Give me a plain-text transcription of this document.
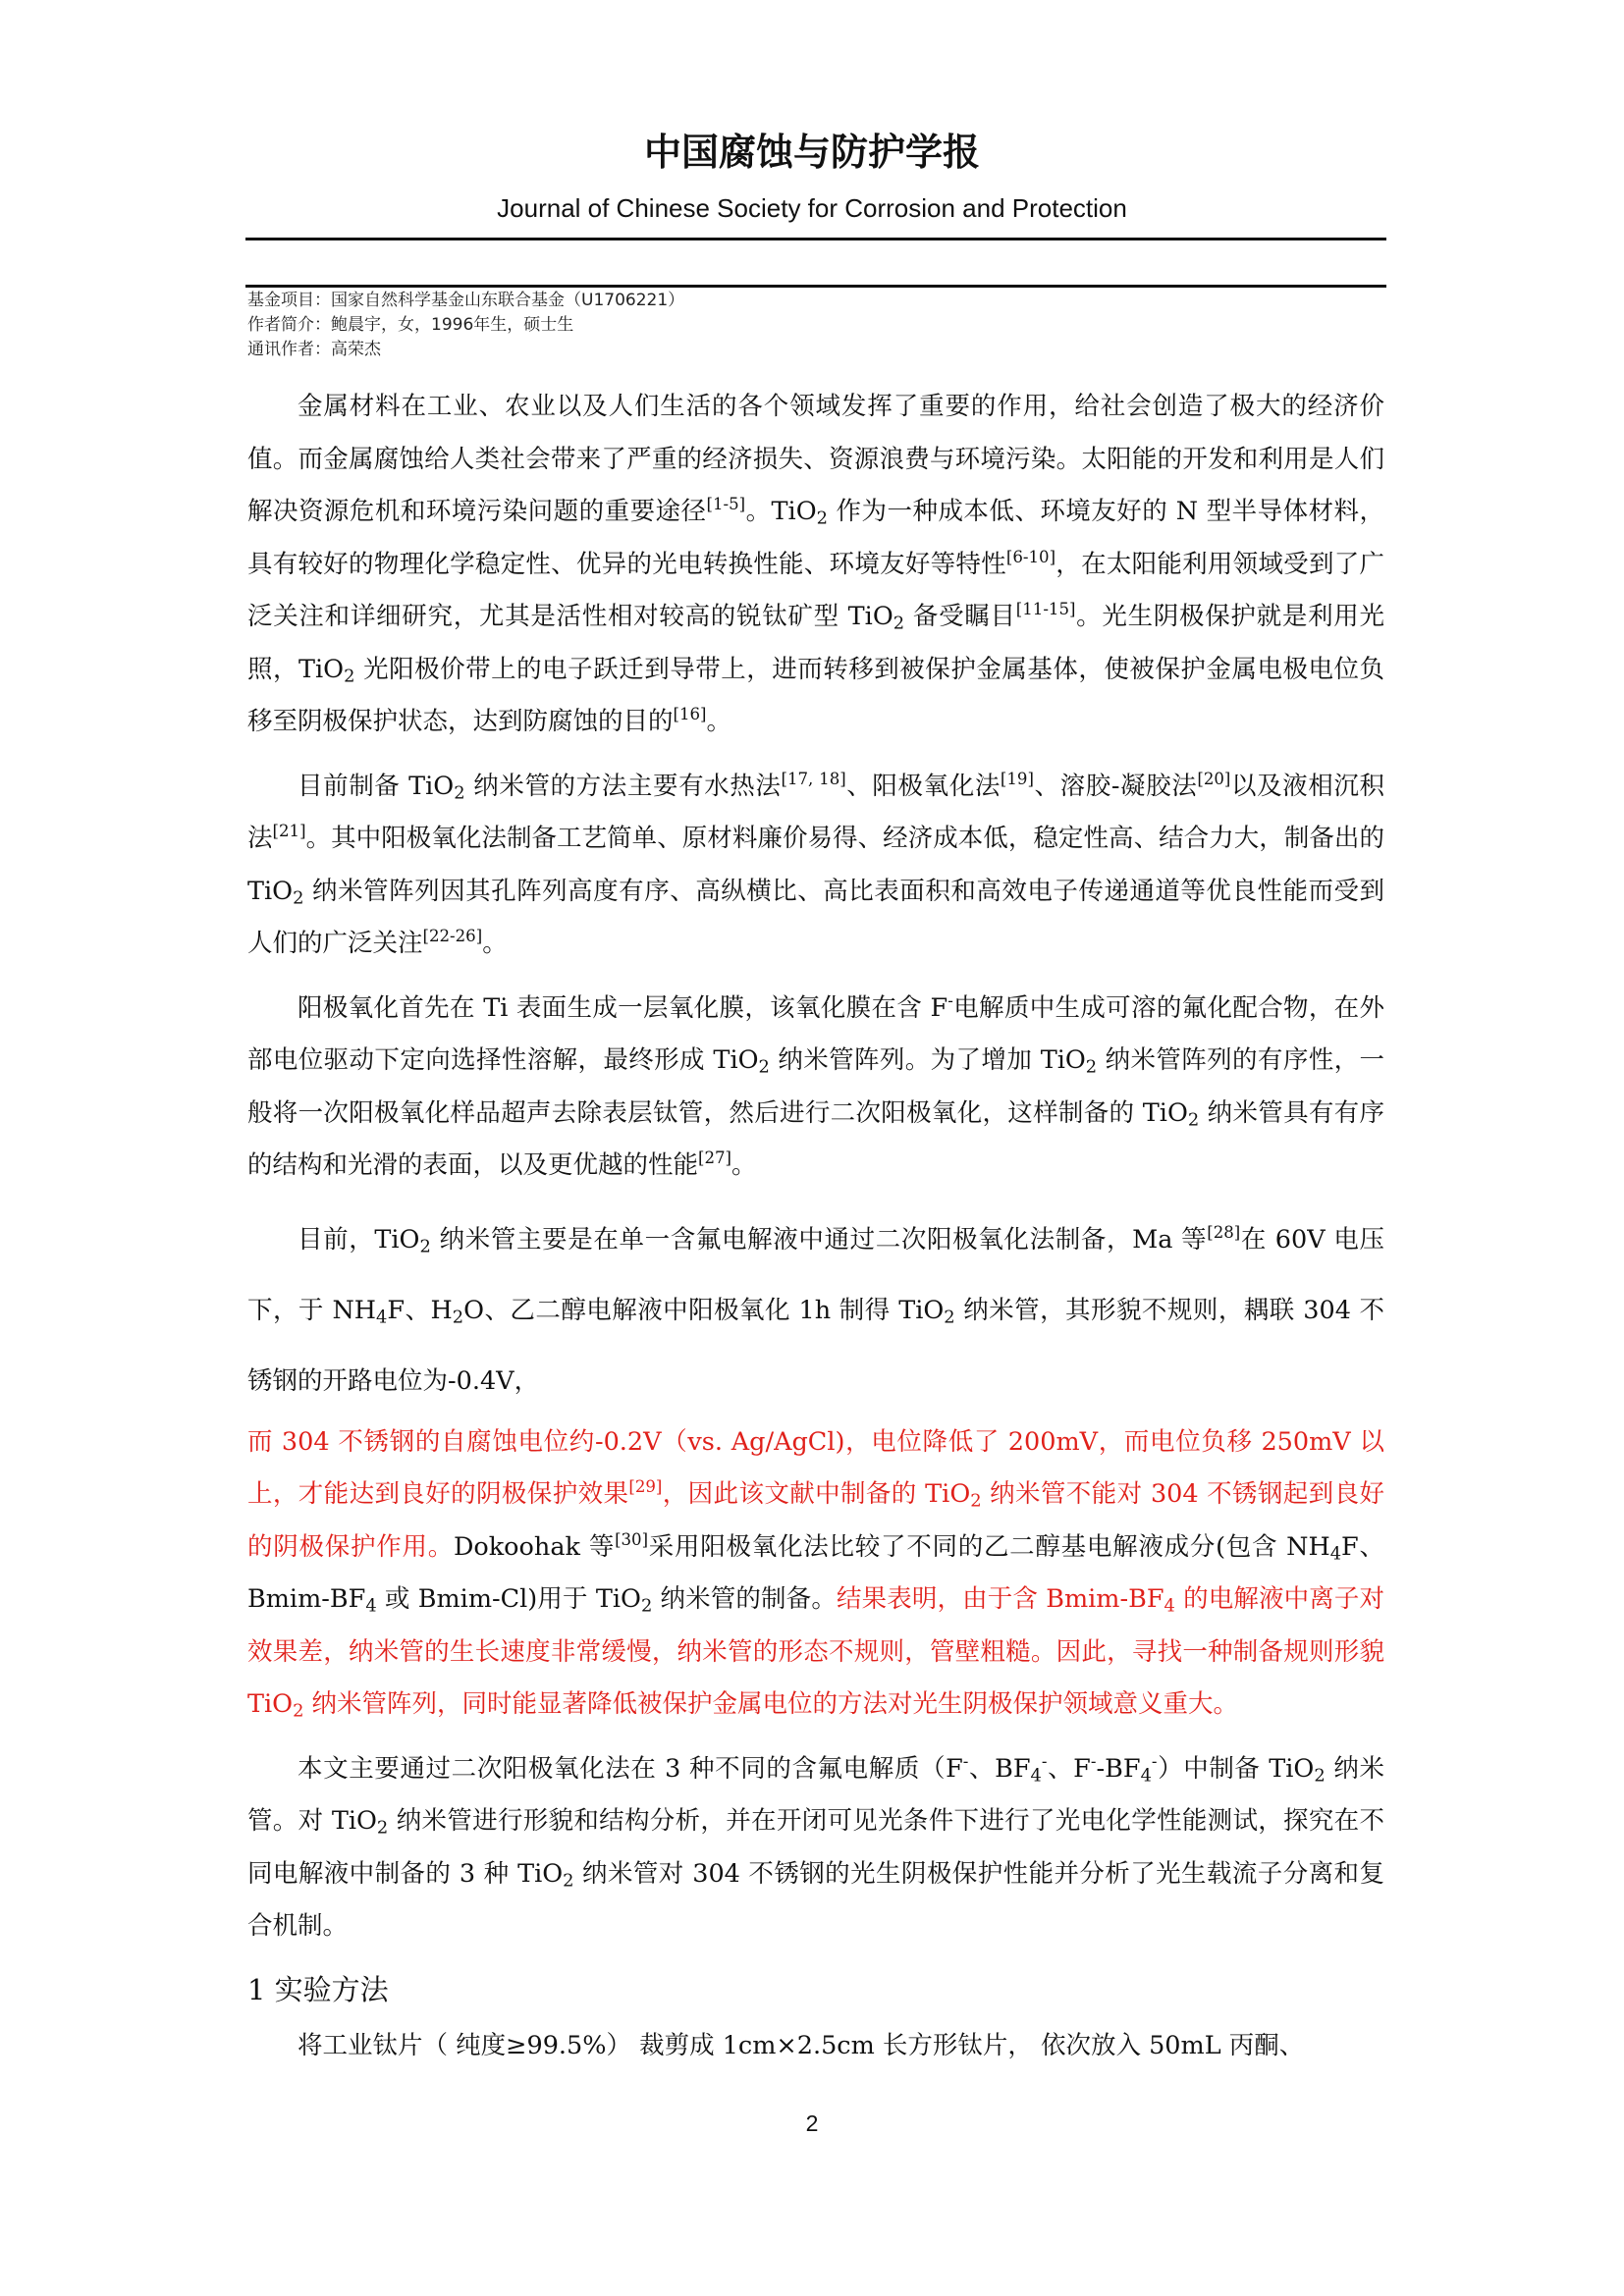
中国腐蚀与防护学报
Journal of Chinese Society for Corrosion and Protection
基金项目：国家自然科学基金山东联合基金（U1706221）
作者简介：鲍晨宇，女，1996年生，硕士生
通讯作者：高荣杰

金属材料在工业、农业以及人们生活的各个领域发挥了重要的作用，给社会创造了极大的经济价值。而金属腐蚀给人类社会带来了严重的经济损失、资源浪费与环境污染。太阳能的开发和利用是人们解决资源危机和环境污染问题的重要途径[1-5]。TiO$_2$ 作为一种成本低、环境友好的 N 型半导体材料，具有较好的物理化学稳定性、优异的光电转换性能、环境友好等特性[6-10]，在太阳能利用领域受到了广泛关注和详细研究，尤其是活性相对较高的锐钛矿型 TiO$_2$ 备受瞩目[11-15]。光生阴极保护就是利用光照，TiO$_2$ 光阳极价带上的电子跃迁到导带上，进而转移到被保护金属基体，使被保护金属电极电位负移至阴极保护状态，达到防腐蚀的目的[16]。

目前制备 TiO$_2$ 纳米管的方法主要有水热法[17, 18]、阳极氧化法[19]、溶胶-凝胶法[20]以及液相沉积法[21]。其中阳极氧化法制备工艺简单、原材料廉价易得、经济成本低，稳定性高、结合力大，制备出的 TiO$_2$ 纳米管阵列因其孔阵列高度有序、高纵横比、高比表面积和高效电子传递通道等优良性能而受到人们的广泛关注[22-26]。

阳极氧化首先在 Ti 表面生成一层氧化膜，该氧化膜在含 F-电解质中生成可溶的氟化配合物，在外部电位驱动下定向选择性溶解，最终形成 TiO$_2$ 纳米管阵列。为了增加 TiO$_2$ 纳米管阵列的有序性，一般将一次阳极氧化样品超声去除表层钛管，然后进行二次阳极氧化，这样制备的 TiO$_2$ 纳米管具有有序的结构和光滑的表面，以及更优越的性能[27]。

目前，TiO$_2$ 纳米管主要是在单一含氟电解液中通过二次阳极氧化法制备，Ma 等[28]在 60V 电压下，于 $NH_4F$、$H_2O$、乙二醇电解液中阳极氧化 1h 制得 TiO$_2$ 纳米管，其形貌不规则，耦联 304 不锈钢的开路电位为-0.4V，

而 304 不锈钢的自腐蚀电位约-0.2V（vs. Ag/AgCl)，电位降低了 200mV，而电位负移 250mV 以上，才能达到良好的阴极保护效果[29]，因此该文献中制备的 TiO$_2$ 纳米管不能对 304 不锈钢起到良好的阴极保护作用。Dokoohak 等[30]采用阳极氧化法比较了不同的乙二醇基电解液成分(包含 $NH_4F$、Bmim-$BF_4$ 或 Bmim-Cl)用于 TiO$_2$ 纳米管的制备。结果表明，由于含 Bmim-$BF_4$ 的电解液中离子对效果差，纳米管的生长速度非常缓慢，纳米管的形态不规则，管壁粗糙。因此，寻找一种制备规则形貌 TiO$_2$ 纳米管阵列，同时能显著降低被保护金属电位的方法对光生阴极保护领域意义重大。

本文主要通过二次阳极氧化法在 3 种不同的含氟电解质（F-、$BF_4^-$、$F^--BF_4^-$）中制备 TiO$_2$ 纳米管。对 TiO$_2$ 纳米管进行形貌和结构分析，并在开闭可见光条件下进行了光电化学性能测试，探究在不同电解液中制备的 3 种 TiO$_2$ 纳米管对 304 不锈钢的光生阴极保护性能并分析了光生载流子分离和复合机制。

1 实验方法

将工业钛片（ 纯度≥99.5%） 裁剪成 1cm×2.5cm 长方形钛片， 依次放入 50mL 丙酮、

2
